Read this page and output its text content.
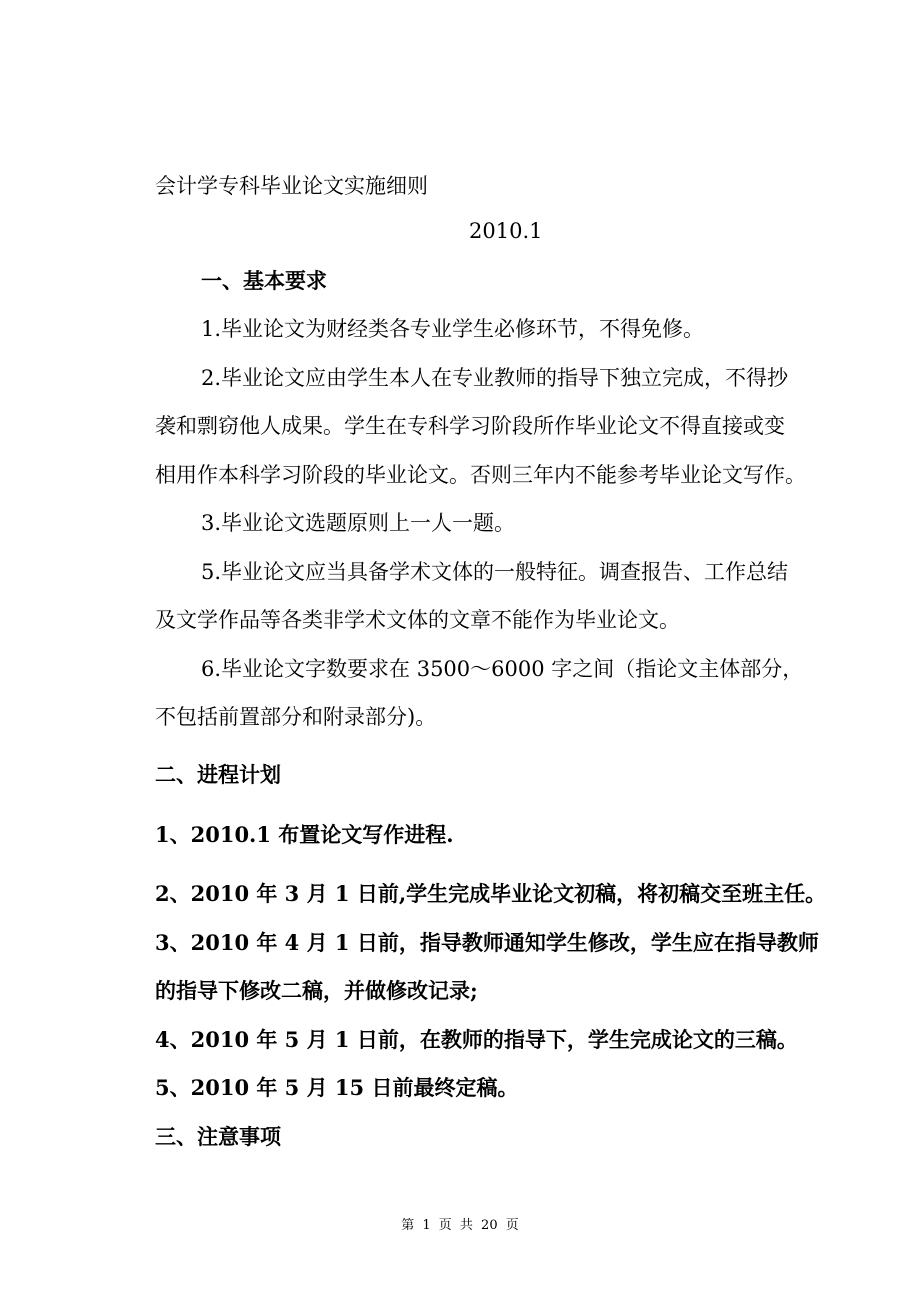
会计学专科毕业论文实施细则

2010.1

一、基本要求

1.毕业论文为财经类各专业学生必修环节，不得免修。

2.毕业论文应由学生本人在专业教师的指导下独立完成，不得抄

袭和剽窃他人成果。学生在专科学习阶段所作毕业论文不得直接或变

相用作本科学习阶段的毕业论文。否则三年内不能参考毕业论文写作。

3.毕业论文选题原则上一人一题。

5.毕业论文应当具备学术文体的一般特征。调查报告、工作总结

及文学作品等各类非学术文体的文章不能作为毕业论文。

6.毕业论文字数要求在 3500～6000 字之间（指论文主体部分，

不包括前置部分和附录部分)。

二、进程计划

1、2010.1 布置论文写作进程.

2、2010 年 3 月 1 日前,学生完成毕业论文初稿，将初稿交至班主任。

3、2010 年 4 月 1 日前，指导教师通知学生修改，学生应在指导教师

的指导下修改二稿，并做修改记录;

4、2010 年 5 月 1 日前，在教师的指导下，学生完成论文的三稿。

5、2010 年 5 月 15 日前最终定稿。

三、注意事项

第 1 页 共 20 页
